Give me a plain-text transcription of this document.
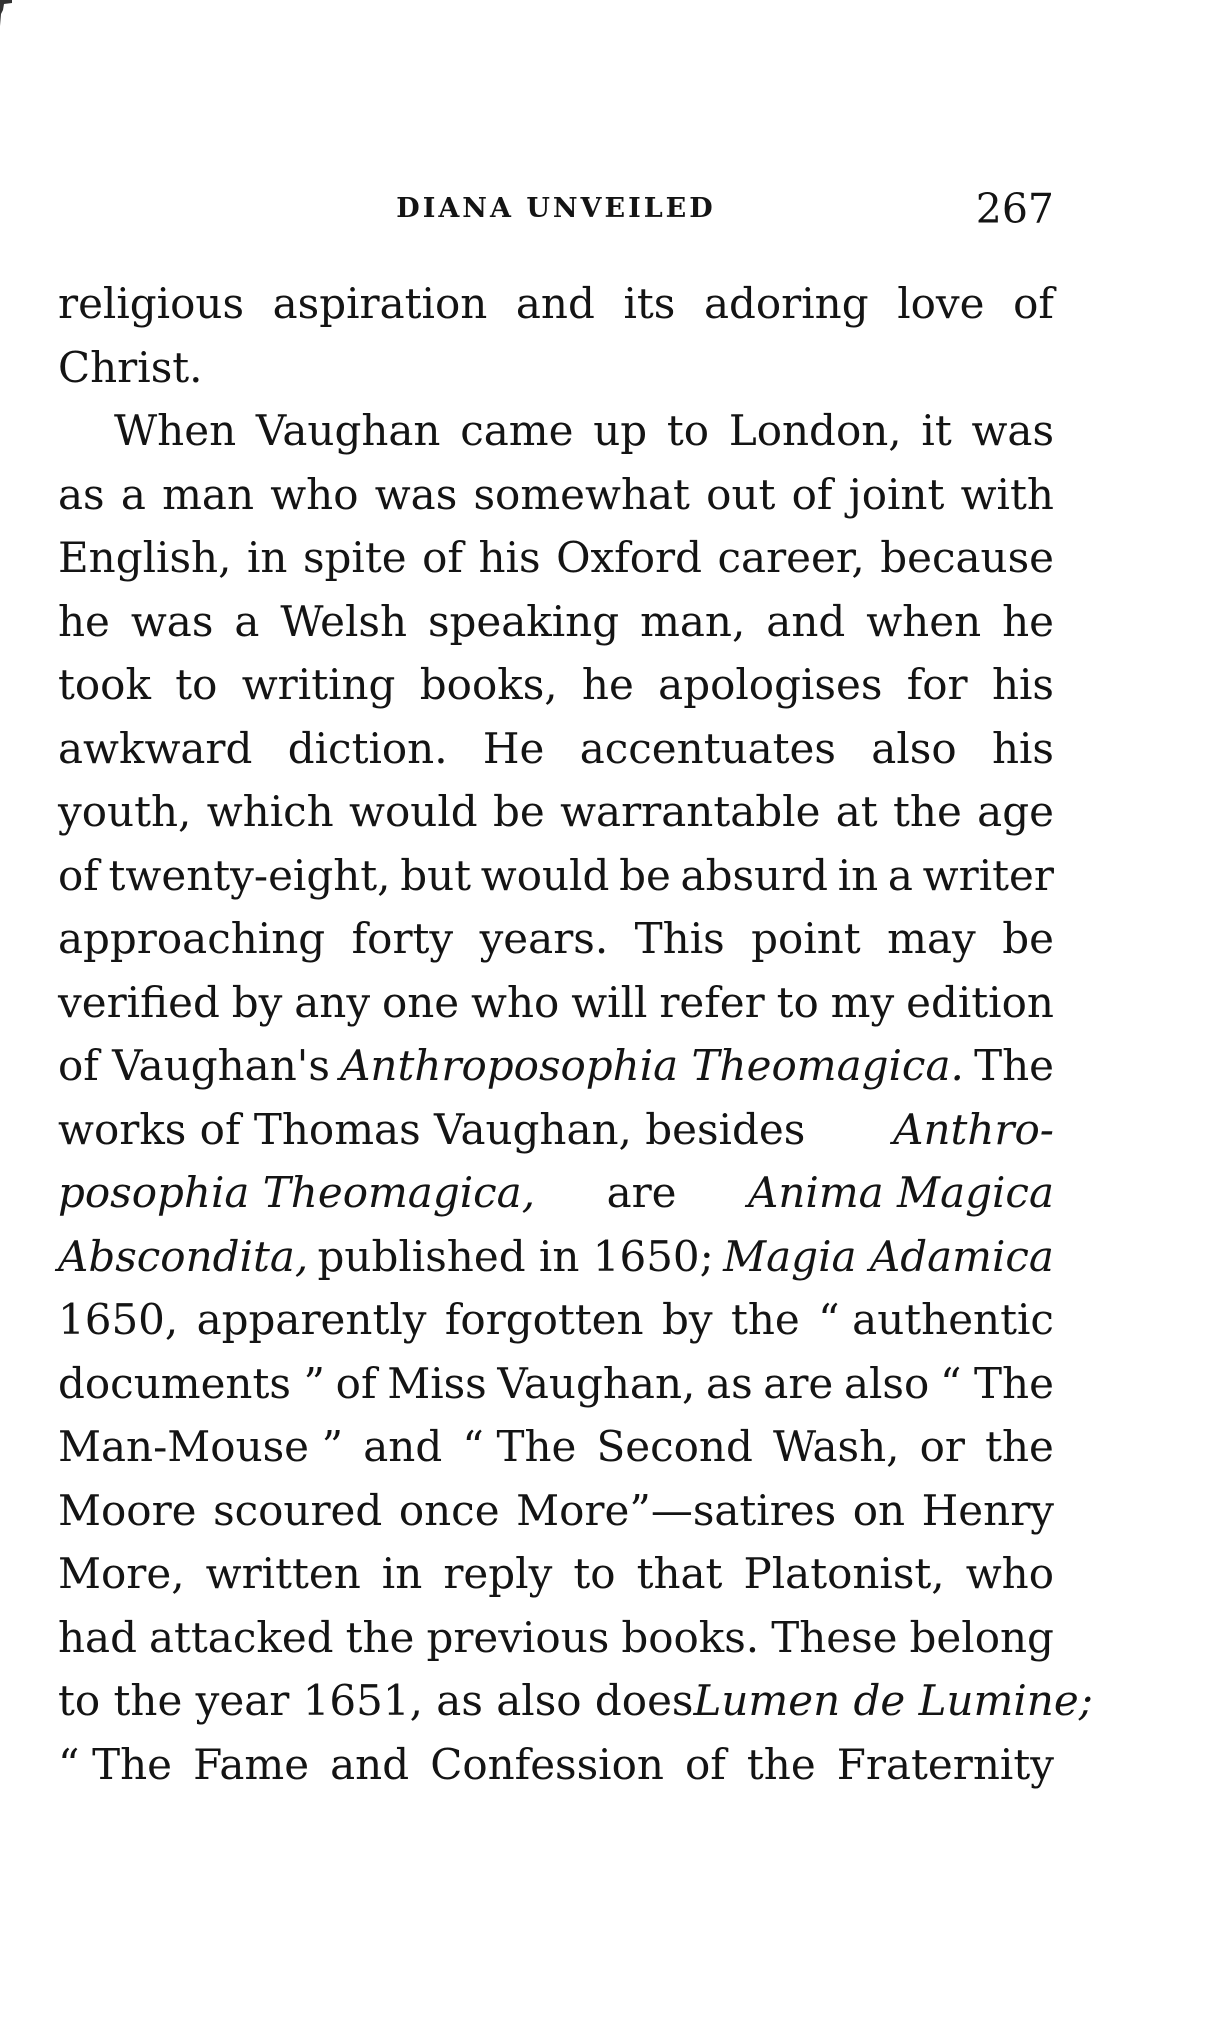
DIANA UNVEILED	267
religious aspiration and its adoring love of
Christ.
When Vaughan came up to London, it was
as a man who was somewhat out of joint with
English, in spite of his Oxford career, because
he was a Welsh speaking man, and when he
took to writing books, he apologises for his
awkward diction. He accentuates also his
youth, which would be warrantable at the age
of twenty-eight, but would be absurd in a writer
approaching forty years. This point may be
verified by any one who will refer to my edition
of Vaughan's Anthroposophia Theomagica. The
works of Thomas Vaughan, besides Anthro-
posophia Theomagica, are Anima Magica
Abscondita, published in 1650; Magia Adamica
1650, apparently forgotten by the “ authentic
documents ” of Miss Vaughan, as are also “ The
Man-Mouse ” and “ The Second Wash, or the
Moore scoured once More”—satires on Henry
More, written in reply to that Platonist, who
had attacked the previous books. These belong
to the year 1651, as also does Lumen de Lumine;
“ The Fame and Confession of the Fraternity
